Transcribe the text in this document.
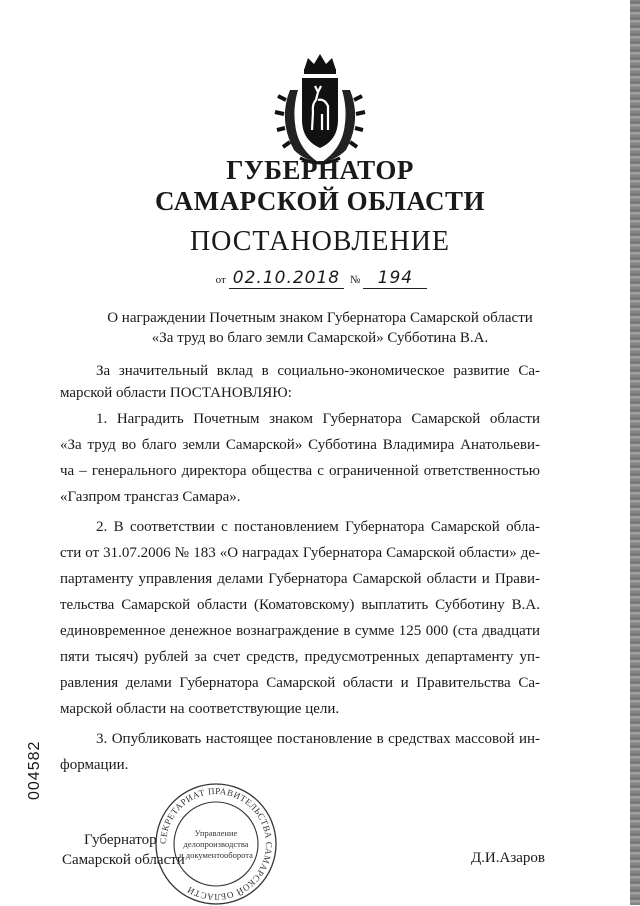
ГУБЕРНАТОР
САМАРСКОЙ ОБЛАСТИ
ПОСТАНОВЛЕНИЕ
от 02.10.2018 № 194
О награждении Почетным знаком Губернатора Самарской области
«За труд во благо земли Самарской» Субботина В.А.
За значительный вклад в социально-экономическое развитие Са-
марской области ПОСТАНОВЛЯЮ:
1. Наградить Почетным знаком Губернатора Самарской области
«За труд во благо земли Самарской» Субботина Владимира Анатольеви-
ча – генерального директора общества с ограниченной ответственностью
«Газпром трансгаз Самара».
2. В соответствии с постановлением Губернатора Самарской обла-
сти от 31.07.2006 № 183 «О наградах Губернатора Самарской области» де-
партаменту управления делами Губернатора Самарской области и Прави-
тельства Самарской области (Коматовскому) выплатить Субботину В.А.
единовременное денежное вознаграждение в сумме 125 000 (ста двадцати
пяти тысяч) рублей за счет средств, предусмотренных департаменту уп-
равления делами Губернатора Самарской области и Правительства Са-
марской области на соответствующие цели.
3. Опубликовать настоящее постановление в средствах массовой ин-
формации.
004582
Губернатор
Самарской области	Д.И.Азаров
СЕКРЕТАРИАТ ПРАВИТЕЛЬСТВА САМАРСКОЙ ОБЛАСТИ
Управление
делопроизводства
и документооборота
